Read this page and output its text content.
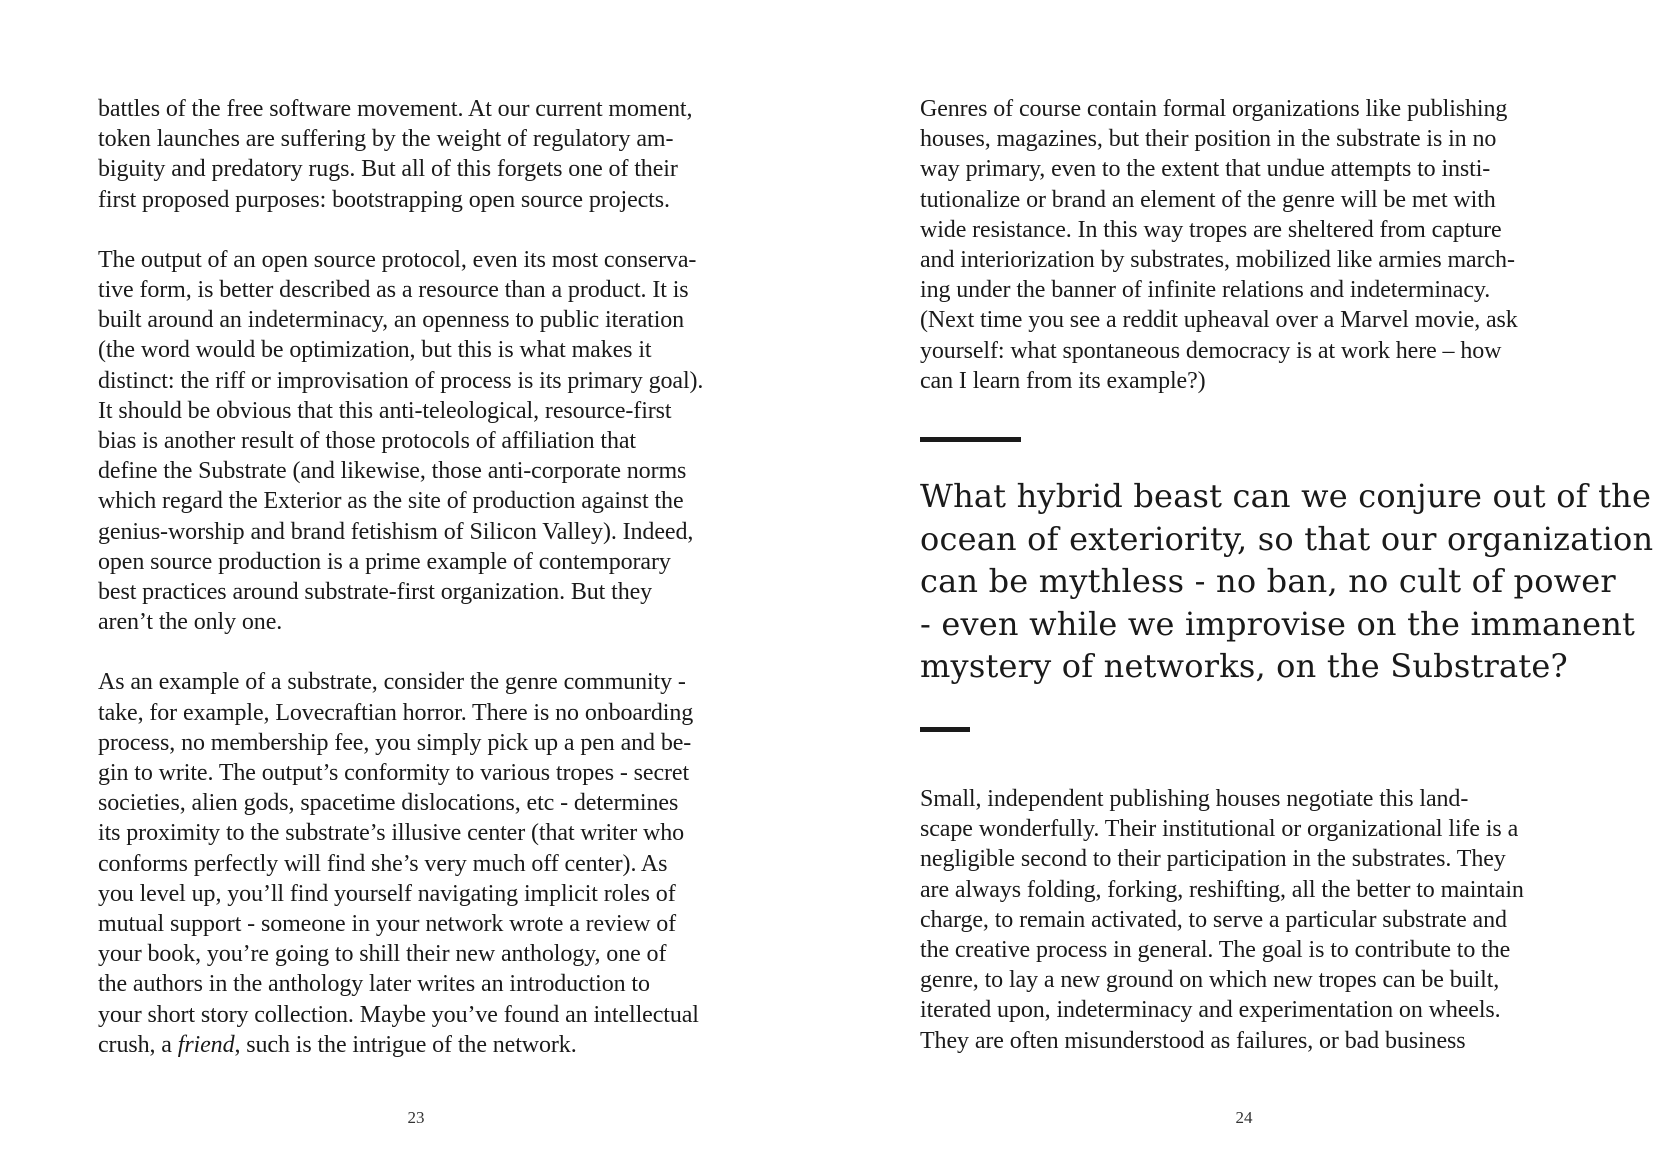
battles of the free software movement. At our current moment,
token launches are suffering by the weight of regulatory am-
biguity and predatory rugs. But all of this forgets one of their
first proposed purposes: bootstrapping open source projects.
The output of an open source protocol, even its most conserva-
tive form, is better described as a resource than a product. It is
built around an indeterminacy, an openness to public iteration
(the word would be optimization, but this is what makes it
distinct: the riff or improvisation of process is its primary goal).
It should be obvious that this anti-teleological, resource-first
bias is another result of those protocols of affiliation that
define the Substrate (and likewise, those anti-corporate norms
which regard the Exterior as the site of production against the
genius-worship and brand fetishism of Silicon Valley). Indeed,
open source production is a prime example of contemporary
best practices around substrate-first organization. But they
aren’t the only one.
As an example of a substrate, consider the genre community -
take, for example, Lovecraftian horror. There is no onboarding
process, no membership fee, you simply pick up a pen and be-
gin to write. The output’s conformity to various tropes - secret
societies, alien gods, spacetime dislocations, etc - determines
its proximity to the substrate’s illusive center (that writer who
conforms perfectly will find she’s very much off center). As
you level up, you’ll find yourself navigating implicit roles of
mutual support - someone in your network wrote a review of
your book, you’re going to shill their new anthology, one of
the authors in the anthology later writes an introduction to
your short story collection. Maybe you’ve found an intellectual
crush, a friend, such is the intrigue of the network.
23
Genres of course contain formal organizations like publishing
houses, magazines, but their position in the substrate is in no
way primary, even to the extent that undue attempts to insti-
tutionalize or brand an element of the genre will be met with
wide resistance. In this way tropes are sheltered from capture
and interiorization by substrates, mobilized like armies march-
ing under the banner of infinite relations and indeterminacy.
(Next time you see a reddit upheaval over a Marvel movie, ask
yourself: what spontaneous democracy is at work here – how
can I learn from its example?)
What hybrid beast can we conjure out of the
ocean of exteriority, so that our organization
can be mythless - no ban, no cult of power
- even while we improvise on the immanent
mystery of networks, on the Substrate?
Small, independent publishing houses negotiate this land-
scape wonderfully. Their institutional or organizational life is a
negligible second to their participation in the substrates. They
are always folding, forking, reshifting, all the better to maintain
charge, to remain activated, to serve a particular substrate and
the creative process in general. The goal is to contribute to the
genre, to lay a new ground on which new tropes can be built,
iterated upon, indeterminacy and experimentation on wheels.
They are often misunderstood as failures, or bad business
24
